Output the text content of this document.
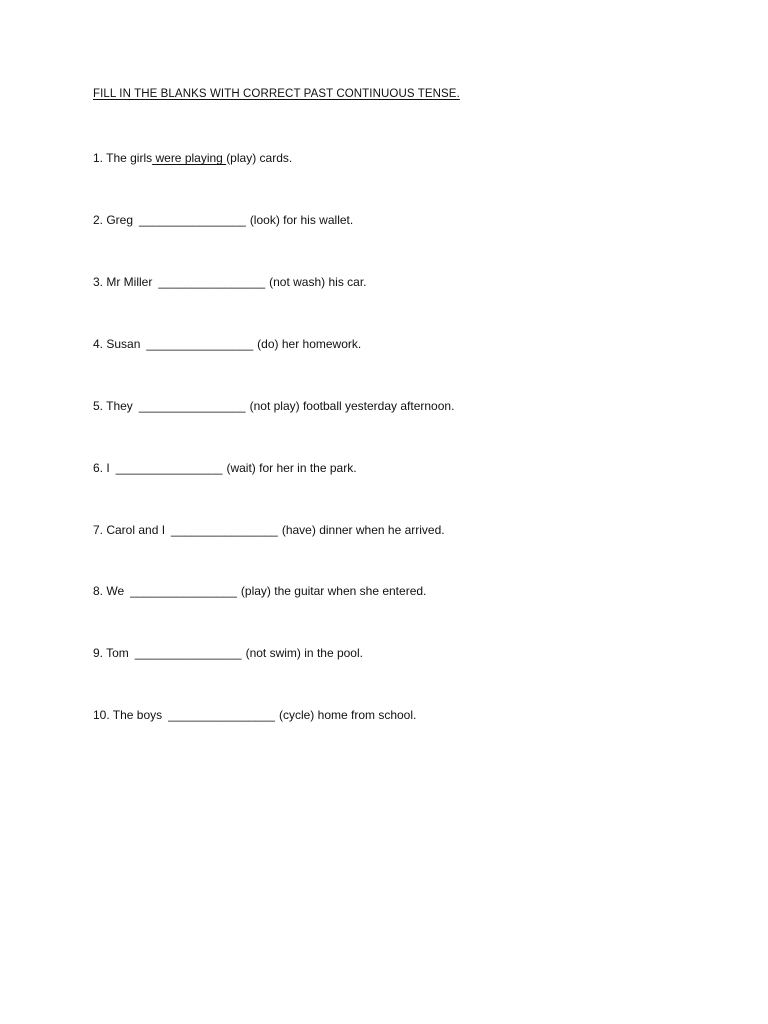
FILL IN THE BLANKS WITH CORRECT PAST CONTINUOUS TENSE.
1. The girls were playing (play) cards.
2. Greg ________________ (look) for his wallet.
3. Mr Miller ________________ (not wash) his car.
4. Susan ________________ (do) her homework.
5. They ________________ (not play) football yesterday afternoon.
6. I ________________ (wait) for her in the park.
7. Carol and I ________________ (have) dinner when he arrived.
8. We ________________ (play) the guitar when she entered.
9. Tom ________________ (not swim) in the pool.
10. The boys ________________ (cycle) home from school.
